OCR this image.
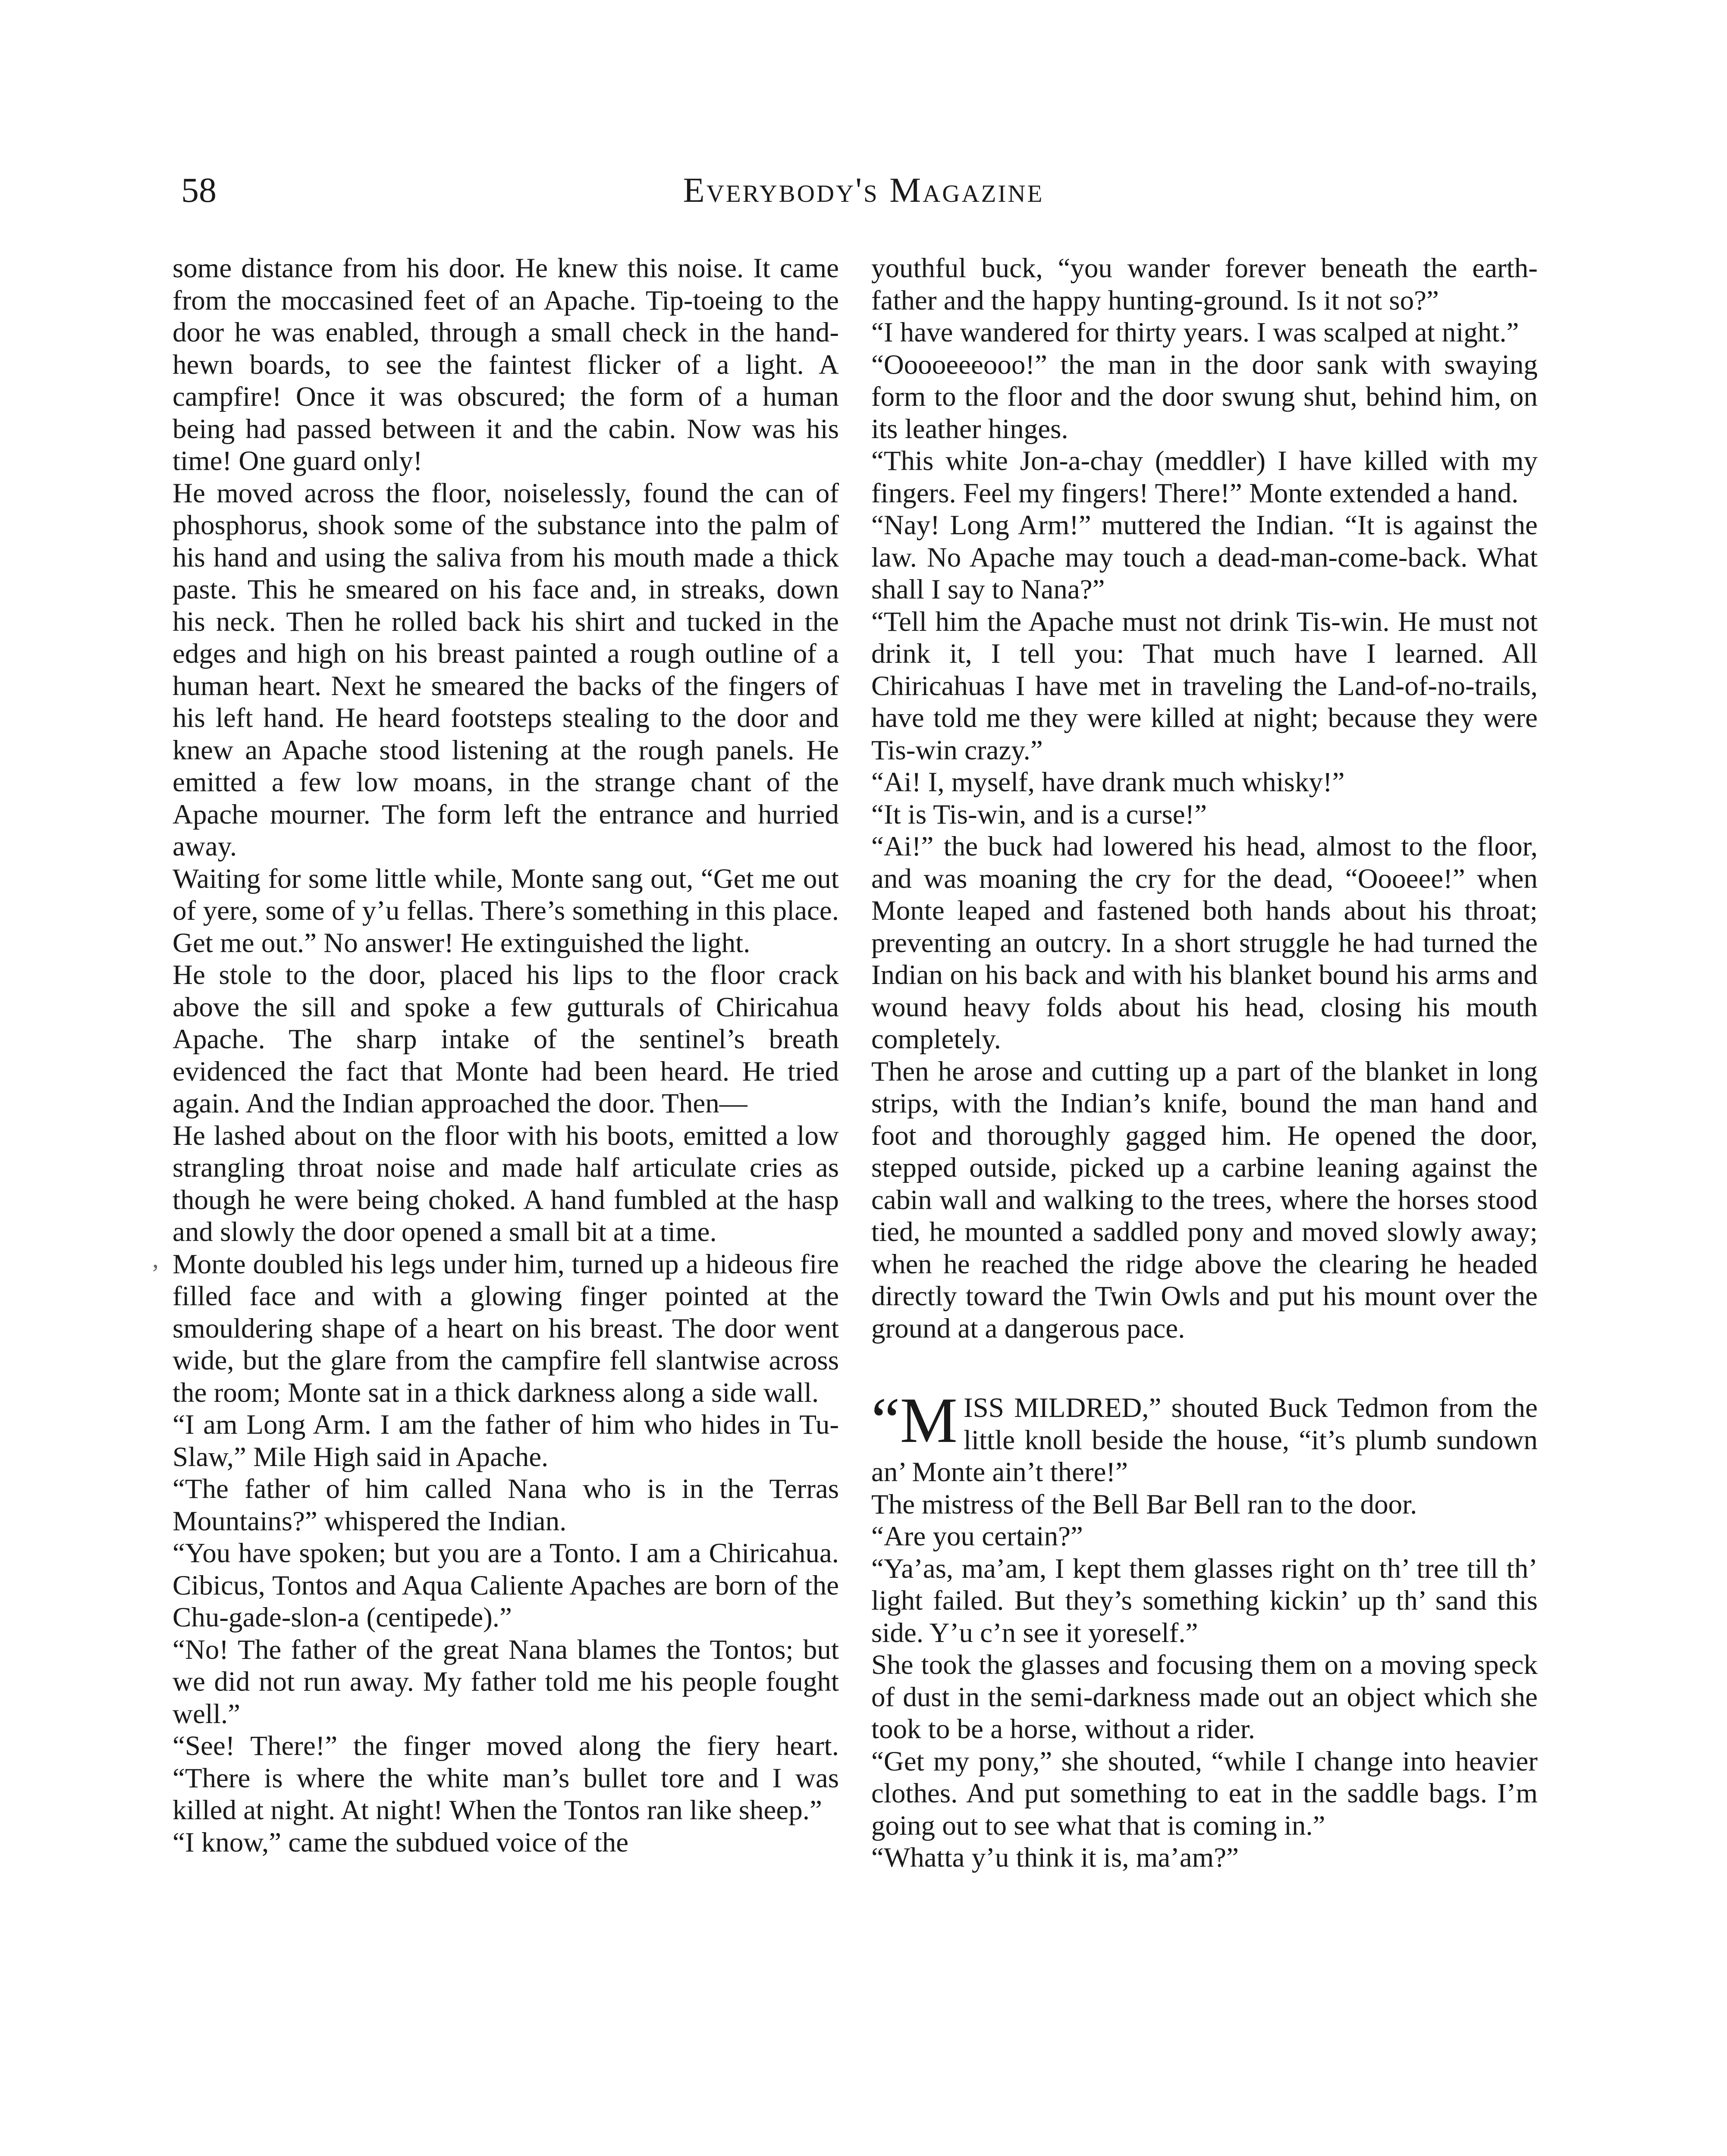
58	Everybody's Magazine

some distance from his door. He knew this noise. It came from the moccasined feet of an Apache. Tip-toeing to the door he was enabled, through a small check in the hand-hewn boards, to see the faintest flicker of a light. A campfire! Once it was obscured; the form of a human being had passed between it and the cabin. Now was his time! One guard only!

He moved across the floor, noiselessly, found the can of phosphorus, shook some of the substance into the palm of his hand and using the saliva from his mouth made a thick paste. This he smeared on his face and, in streaks, down his neck. Then he rolled back his shirt and tucked in the edges and high on his breast painted a rough outline of a human heart. Next he smeared the backs of the fingers of his left hand. He heard footsteps stealing to the door and knew an Apache stood listening at the rough panels. He emitted a few low moans, in the strange chant of the Apache mourner. The form left the entrance and hurried away.

Waiting for some little while, Monte sang out, “Get me out of yere, some of y’u fellas. There’s something in this place. Get me out.” No answer! He extinguished the light.

He stole to the door, placed his lips to the floor crack above the sill and spoke a few gutturals of Chiricahua Apache. The sharp intake of the sentinel’s breath evidenced the fact that Monte had been heard. He tried again. And the Indian approached the door. Then—

He lashed about on the floor with his boots, emitted a low strangling throat noise and made half articulate cries as though he were being choked. A hand fumbled at the hasp and slowly the door opened a small bit at a time.

Monte doubled his legs under him, turned up a hideous fire filled face and with a glowing finger pointed at the smouldering shape of a heart on his breast. The door went wide, but the glare from the campfire fell slantwise across the room; Monte sat in a thick darkness along a side wall.

“I am Long Arm. I am the father of him who hides in Tu-Slaw,” Mile High said in Apache.

“The father of him called Nana who is in the Terras Mountains?” whispered the Indian.

“You have spoken; but you are a Tonto. I am a Chiricahua. Cibicus, Tontos and Aqua Caliente Apaches are born of the Chu-gade-slon-a (centipede).”

“No! The father of the great Nana blames the Tontos; but we did not run away. My father told me his people fought well.”

“See! There!” the finger moved along the fiery heart. “There is where the white man’s bullet tore and I was killed at night. At night! When the Tontos ran like sheep.”

“I know,” came the subdued voice of the

‚

youthful buck, “you wander forever beneath the earth-father and the happy hunting-ground. Is it not so?”

“I have wandered for thirty years. I was scalped at night.”

“Ooooeeeooo!” the man in the door sank with swaying form to the floor and the door swung shut, behind him, on its leather hinges.

“This white Jon-a-chay (meddler) I have killed with my fingers. Feel my fingers! There!” Monte extended a hand.

“Nay! Long Arm!” muttered the Indian. “It is against the law. No Apache may touch a dead-man-come-back. What shall I say to Nana?”

“Tell him the Apache must not drink Tis-win. He must not drink it, I tell you: That much have I learned. All Chiricahuas I have met in traveling the Land-of-no-trails, have told me they were killed at night; because they were Tis-win crazy.”

“Ai! I, myself, have drank much whisky!”

“It is Tis-win, and is a curse!”

“Ai!” the buck had lowered his head, almost to the floor, and was moaning the cry for the dead, “Oooeee!” when Monte leaped and fastened both hands about his throat; preventing an outcry. In a short struggle he had turned the Indian on his back and with his blanket bound his arms and wound heavy folds about his head, closing his mouth completely.

Then he arose and cutting up a part of the blanket in long strips, with the Indian’s knife, bound the man hand and foot and thoroughly gagged him. He opened the door, stepped outside, picked up a carbine leaning against the cabin wall and walking to the trees, where the horses stood tied, he mounted a saddled pony and moved slowly away; when he reached the ridge above the clearing he headed directly toward the Twin Owls and put his mount over the ground at a dangerous pace.

“M ISS MILDRED,” shouted Buck Tedmon from the little knoll beside the house, “it’s plumb sundown an’ Monte ain’t there!”

The mistress of the Bell Bar Bell ran to the door.

“Are you certain?”

“Ya’as, ma’am, I kept them glasses right on th’ tree till th’ light failed. But they’s something kickin’ up th’ sand this side. Y’u c’n see it yoreself.”

She took the glasses and focusing them on a moving speck of dust in the semi-darkness made out an object which she took to be a horse, without a rider.

“Get my pony,” she shouted, “while I change into heavier clothes. And put something to eat in the saddle bags. I’m going out to see what that is coming in.”

“Whatta y’u think it is, ma’am?”
